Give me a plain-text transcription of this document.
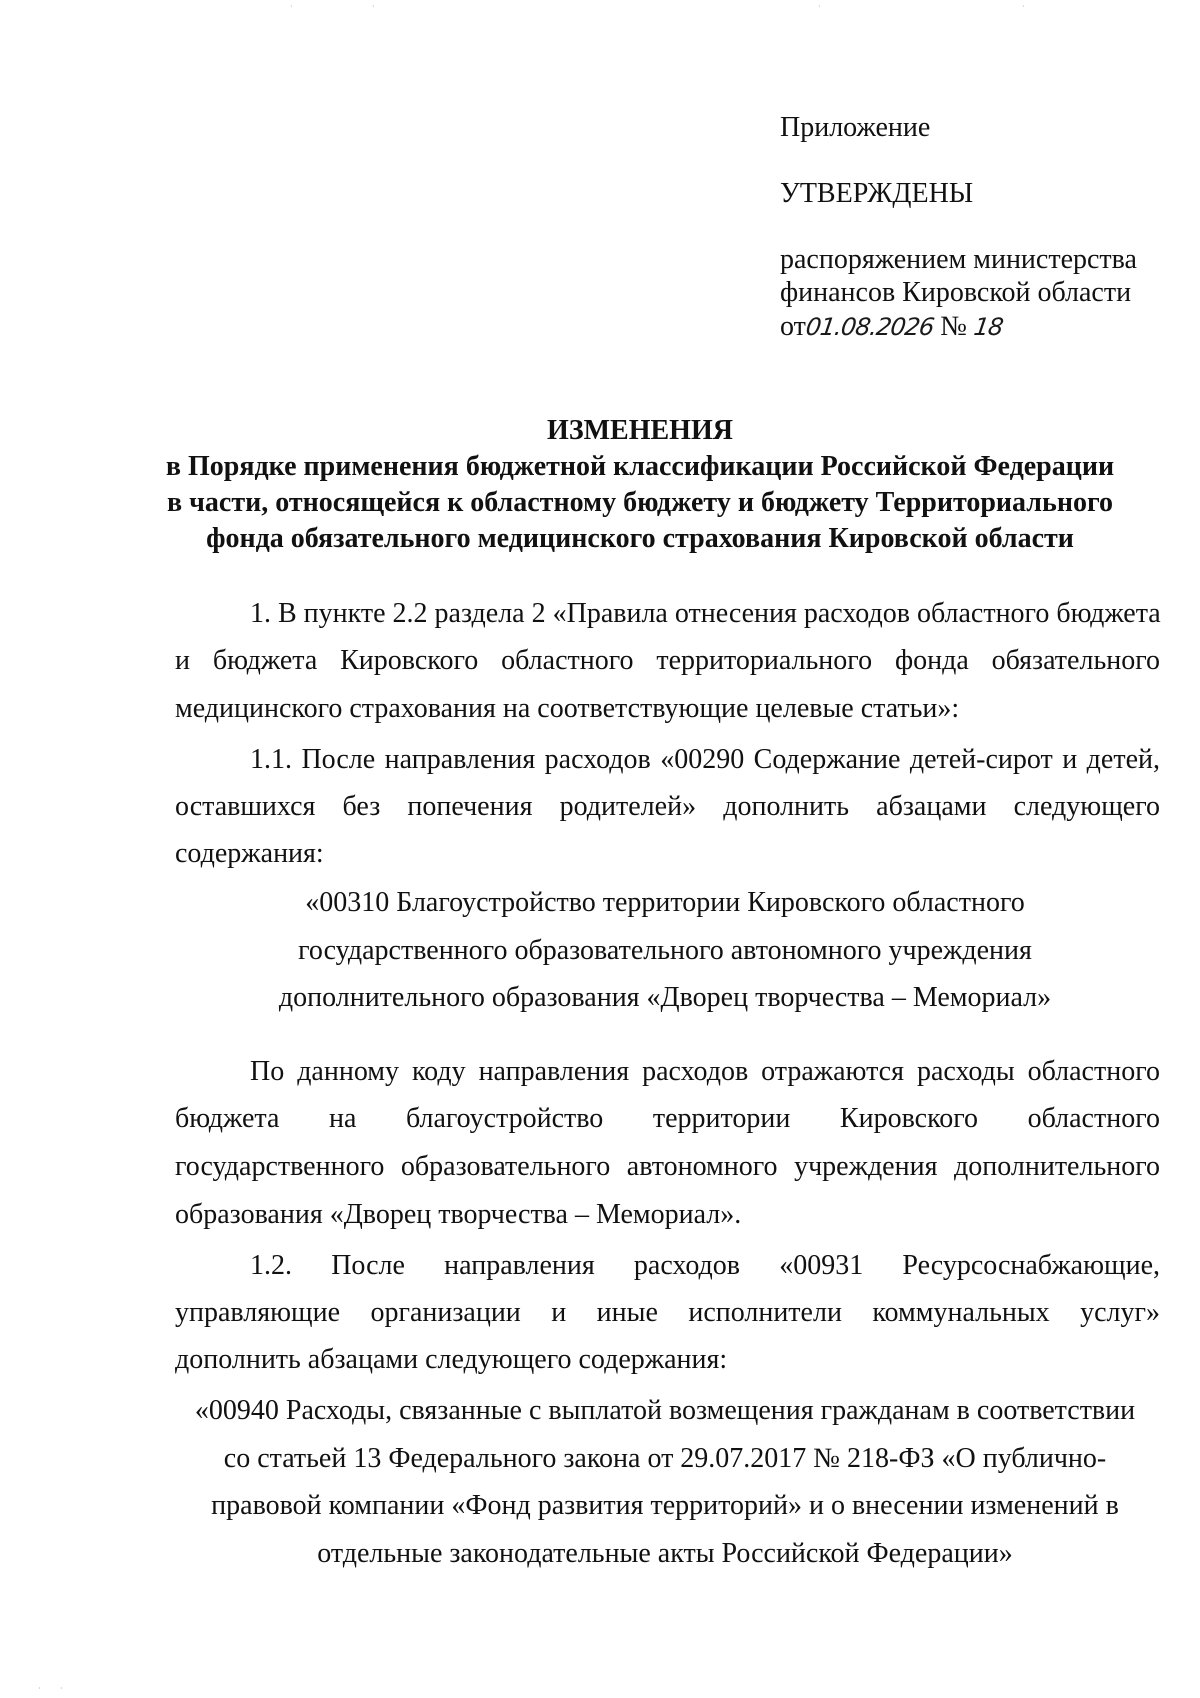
Приложение
УТВЕРЖДЕНЫ
распоряжением министерства
финансов Кировской области
от01.08.2026 № 18
ИЗМЕНЕНИЯ
в Порядке применения бюджетной классификации Российской Федерации
в части, относящейся к областному бюджету и бюджету Территориального
фонда обязательного медицинского страхования Кировской области
1. В пункте 2.2 раздела 2 «Правила отнесения расходов областного бюджета
и бюджета Кировского областного территориального фонда обязательного
медицинского страхования на соответствующие целевые статьи»:
1.1. После направления расходов «00290 Содержание детей-сирот и детей,
оставшихся без попечения родителей» дополнить абзацами следующего
содержания:
«00310 Благоустройство территории Кировского областного
государственного образовательного автономного учреждения
дополнительного образования «Дворец творчества – Мемориал»
По данному коду направления расходов отражаются расходы областного
бюджета на благоустройство территории Кировского областного
государственного образовательного автономного учреждения дополнительного
образования «Дворец творчества – Мемориал».
1.2. После направления расходов «00931 Ресурсоснабжающие,
управляющие организации и иные исполнители коммунальных услуг»
дополнить абзацами следующего содержания:
«00940 Расходы, связанные с выплатой возмещения гражданам в соответствии
со статьей 13 Федерального закона от 29.07.2017 № 218-ФЗ «О публично-
правовой компании «Фонд развития территорий» и о внесении изменений в
отдельные законодательные акты Российской Федерации»
·	·	·	·
· ·
